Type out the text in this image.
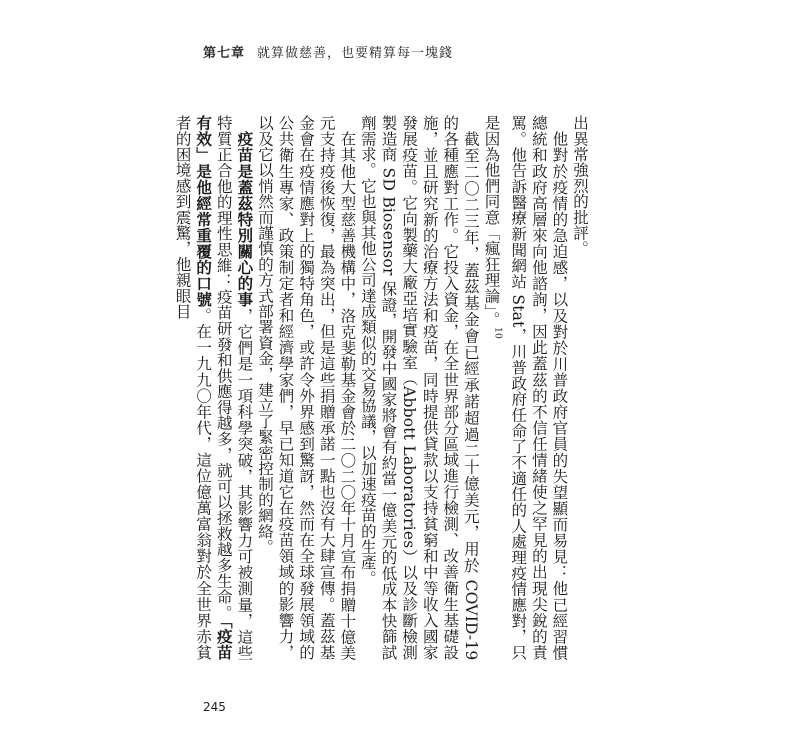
第七章 就算做慈善，也要精算每一塊錢

出異常強烈的批評。

他對於疫情的急迫感，以及對於川普政府官員的失望顯而易見：他已經習慣總統和政府高層來向他諮詢，因此蓋茲的不信任情緒使之罕見的出現尖銳的責罵。他告訴醫療新聞網站 Stat，川普政府任命了不適任的人處理疫情應對，只是因為他們同意「瘋狂理論」。$^{10}$

截至二〇二三年，蓋茲基金會已經承諾超過二十億美元，用於 COVID-19 的各種應對工作。它投入資金，在全世界部分區域進行檢測、改善衛生基礎設施，並且研究新的治療方法和疫苗，同時提供貸款以支持貧窮和中等收入國家發展疫苗。它向製藥大廠亞培實驗室（Abbott Laboratories）以及診斷檢測製造商 SD Biosensor 保證，開發中國家將會有約當一億美元的低成本快篩試劑需求。它也與其他公司達成類似的交易協議，以加速疫苗的生產。

在其他大型慈善機構中，洛克斐勒基金會於二〇二〇年十月宣布捐贈十億美元支持疫後恢復，最為突出，但是這些捐贈承諾一點也沒有大肆宣傳。蓋茲基金會在疫情應對上的獨特角色，或許令外界感到驚訝，然而在全球發展領域的公共衛生專家、政策制定者和經濟學家們，早已知道它在疫苗領域的影響力，以及它以悄然而謹慎的方式部署資金，建立了緊密控制的網絡。

疫苗是蓋茲特別關心的事，它們是一項科學突破，其影響力可被測量，這些特質正合他的理性思維：疫苗研發和供應得越多，就可以拯救越多生命。「疫苗有效」是他經常重覆的口號。在一九九〇年代，這位億萬富翁對於全世界赤貧者的困境感到震驚，他親眼目

245
